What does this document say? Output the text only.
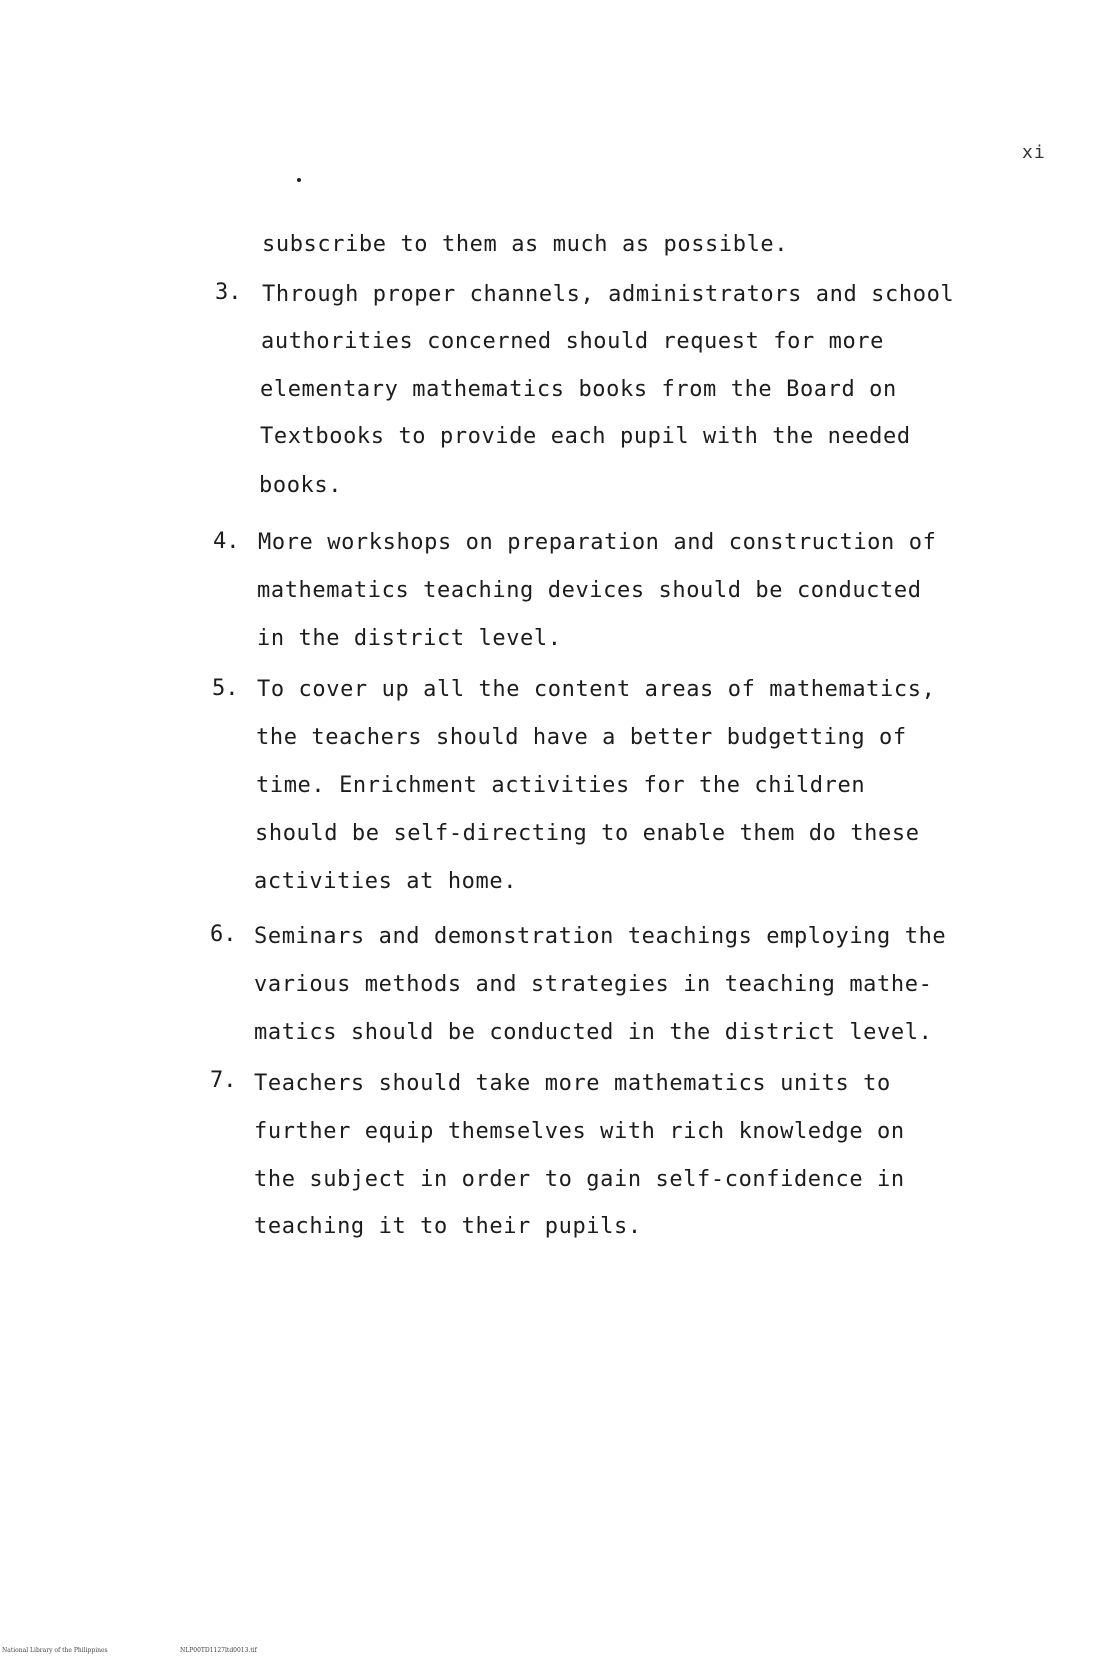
xi
subscribe to them as much as possible.
3. Through proper channels, administrators and school
authorities concerned should request for more
elementary mathematics books from the Board on
Textbooks to provide each pupil with the needed
books.
4. More workshops on preparation and construction of
mathematics teaching devices should be conducted
in the district level.
5. To cover up all the content areas of mathematics,
the teachers should have a better budgetting of
time. Enrichment activities for the children
should be self-directing to enable them do these
activities at home.
6. Seminars and demonstration teachings employing the
various methods and strategies in teaching mathe-
matics should be conducted in the district level.
7. Teachers should take more mathematics units to
further equip themselves with rich knowledge on
the subject in order to gain self-confidence in
teaching it to their pupils.
National Library of the Philippines	NLP00TD1127ltd0013.tif
